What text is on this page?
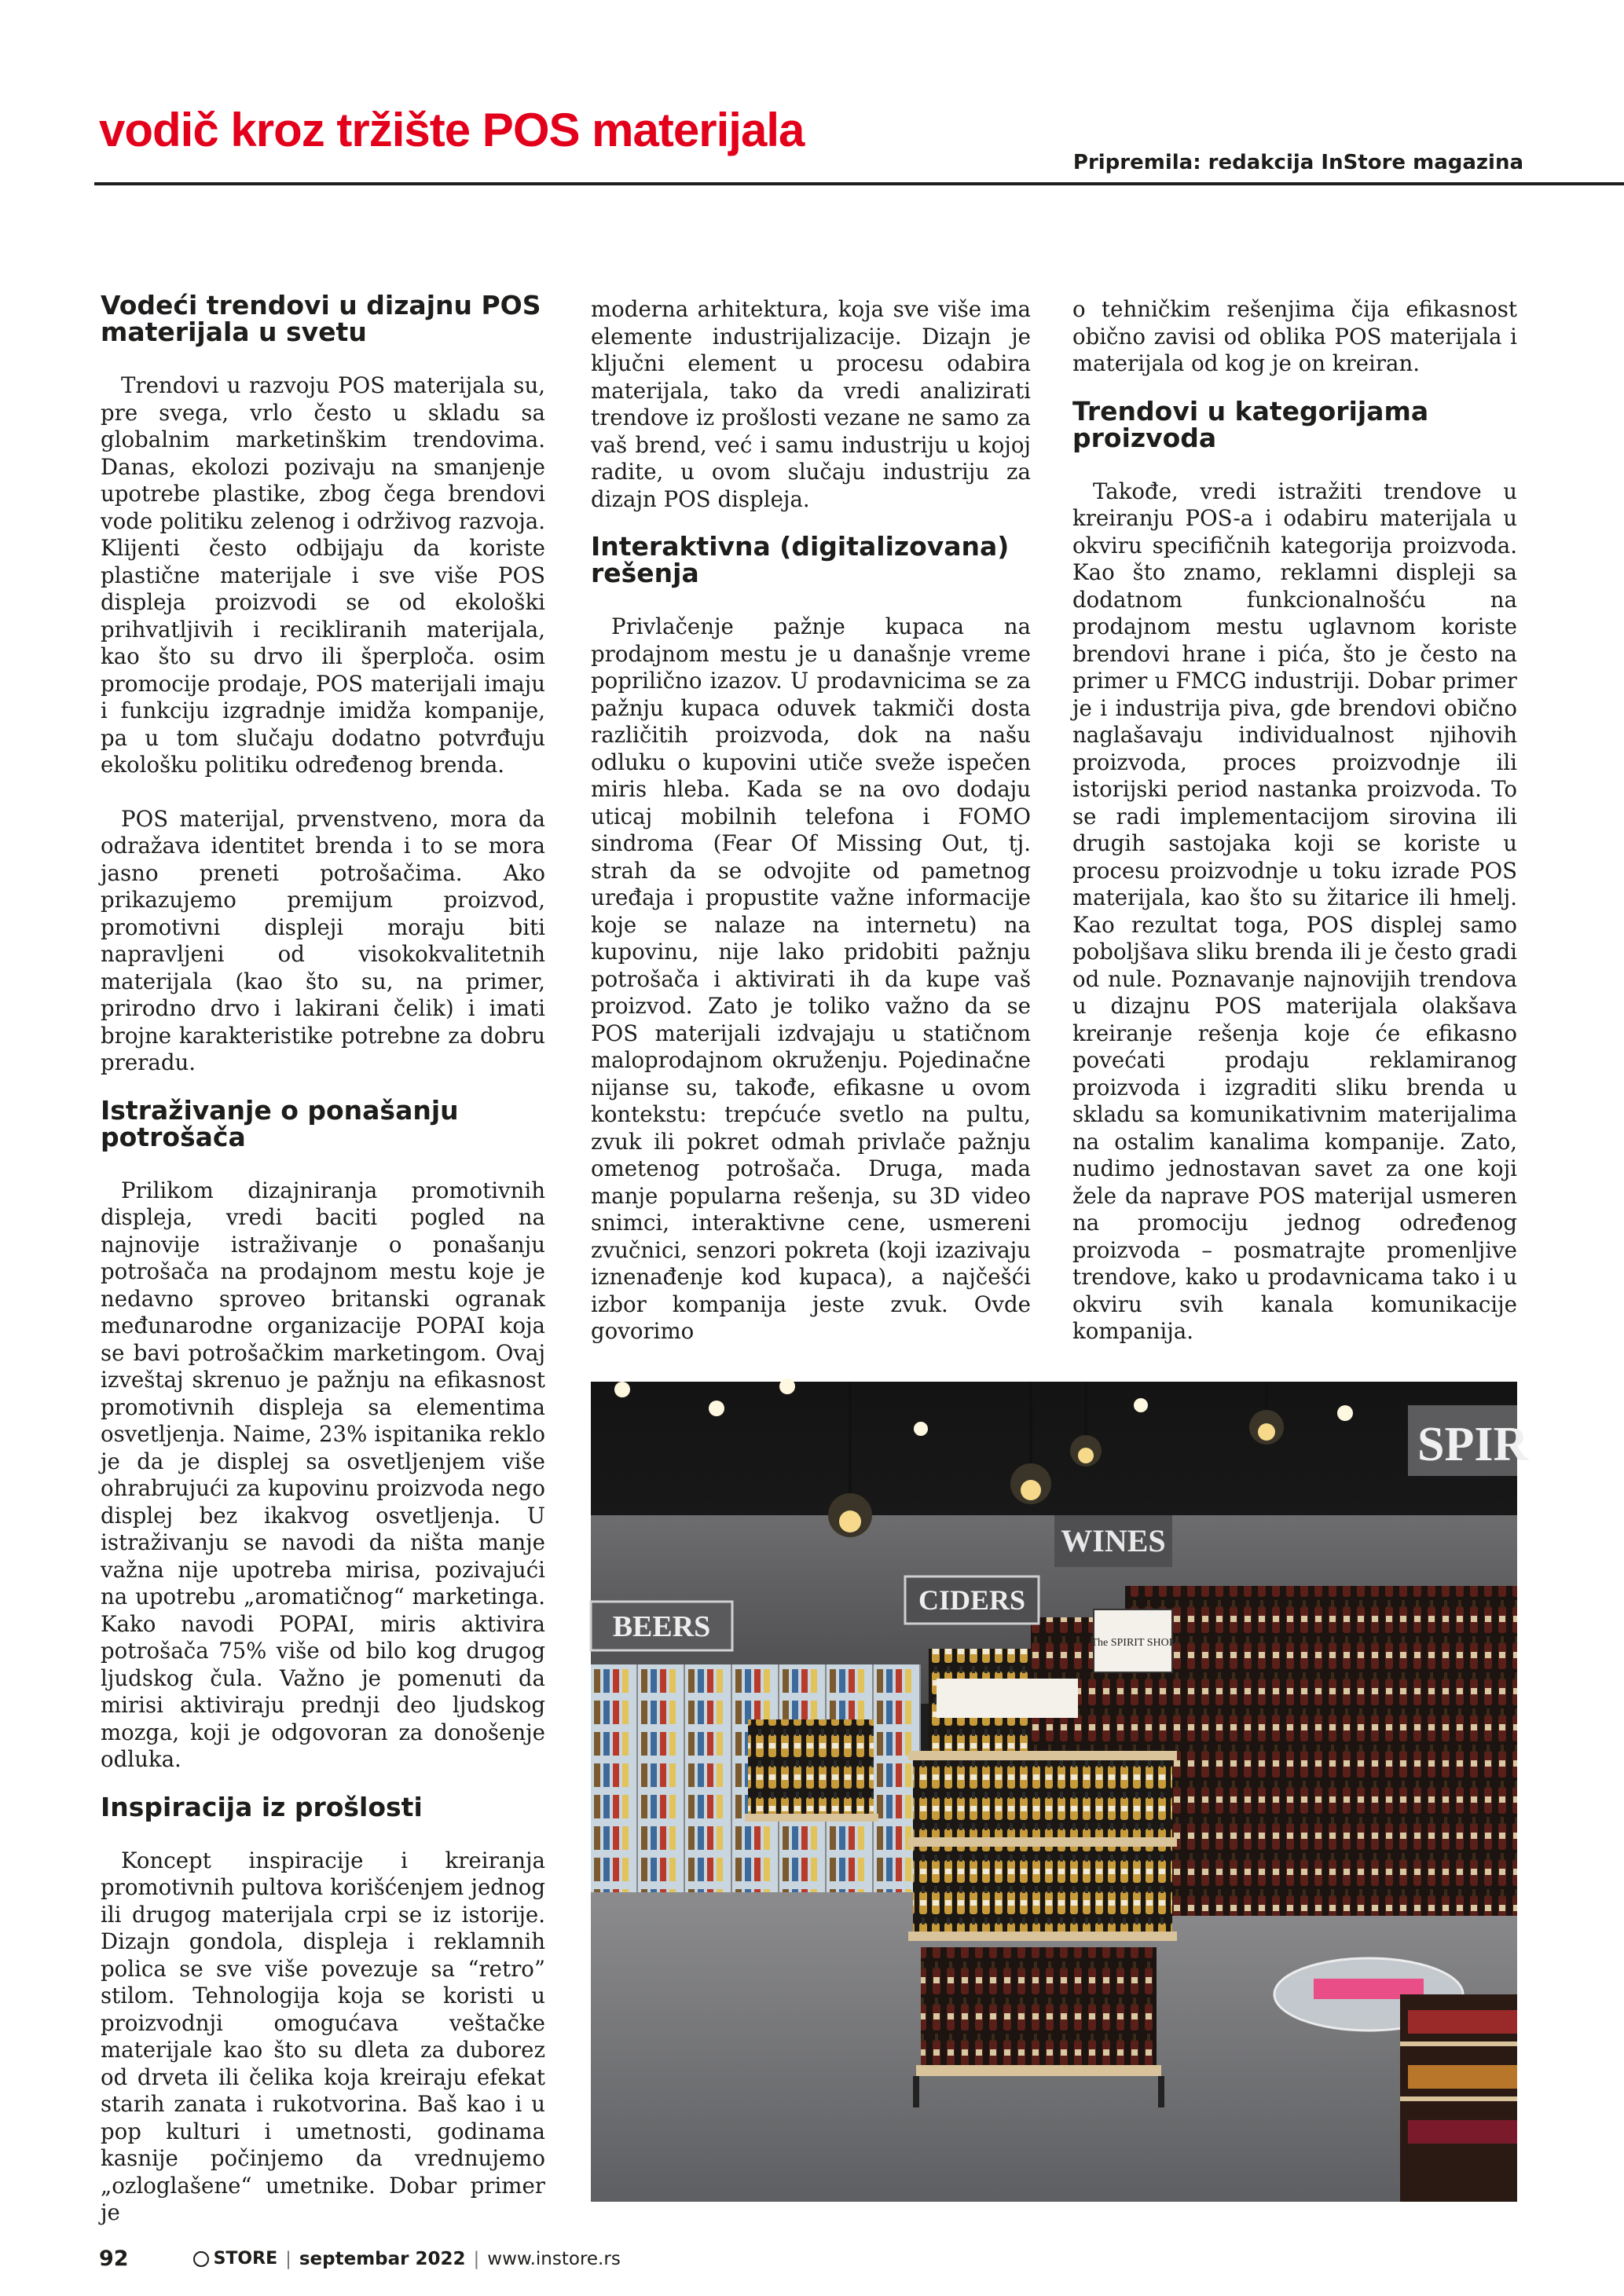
vodič kroz tržište POS materijala
Pripremila: redakcija InStore magazina
Vodeći trendovi u dizajnu POS materijala u svetu

Trendovi u razvoju POS materijala su, pre svega, vrlo često u skladu sa globalnim marketinškim trendovima. Danas, ekolozi pozivaju na smanjenje upotrebe plastike, zbog čega brendovi vode politiku zelenog i održivog razvoja. Klijenti često odbijaju da koriste plastične materijale i sve više POS displeja proizvodi se od ekološki prihvatljivih i recikliranih materijala, kao što su drvo ili šperploča. osim promocije prodaje, POS materijali imaju i funkciju izgradnje imidža kompanije, pa u tom slučaju dodatno potvrđuju ekološku politiku određenog brenda.

POS materijal, prvenstveno, mora da odražava identitet brenda i to se mora jasno preneti potrošačima. Ako prikazujemo premijum proizvod, promotivni displeji moraju biti napravljeni od visokokvalitetnih materijala (kao što su, na primer, prirodno drvo i lakirani čelik) i imati brojne karakteristike potrebne za dobru preradu.

Istraživanje o ponašanju potrošača

Prilikom dizajniranja promotivnih displeja, vredi baciti pogled na najnovije istraživanje o ponašanju potrošača na prodajnom mestu koje je nedavno sproveo britanski ogranak međunarodne organizacije POPAI koja se bavi potrošačkim marketingom. Ovaj izveštaj skrenuo je pažnju na efikasnost promotivnih displeja sa elementima osvetljenja. Naime, 23% ispitanika reklo je da je displej sa osvetljenjem više ohrabrujući za kupovinu proizvoda nego displej bez ikakvog osvetljenja. U istraživanju se navodi da ništa manje važna nije upotreba mirisa, pozivajući na upotrebu „aromatičnog“ marketinga. Kako navodi POPAI, miris aktivira potrošača 75% više od bilo kog drugog ljudskog čula. Važno je pomenuti da mirisi aktiviraju prednji deo ljudskog mozga, koji je odgovoran za donošenje odluka.

Inspiracija iz prošlosti

Koncept inspiracije i kreiranja promotivnih pultova korišćenjem jednog ili drugog materijala crpi se iz istorije. Dizajn gondola, displeja i reklamnih polica se sve više povezuje sa “retro” stilom. Tehnologija koja se koristi u proizvodnji omogućava veštačke materijale kao što su dleta za duborez od drveta ili čelika koja kreiraju efekat starih zanata i rukotvorina. Baš kao i u pop kulturi i umetnosti, godinama kasnije počinjemo da vrednujemo „ozloglašene“ umetnike. Dobar primer je

moderna arhitektura, koja sve više ima elemente industrijalizacije. Dizajn je ključni element u procesu odabira materijala, tako da vredi analizirati trendove iz prošlosti vezane ne samo za vaš brend, već i samu industriju u kojoj radite, u ovom slučaju industriju za dizajn POS displeja.

Interaktivna (digitalizovana) rešenja

Privlačenje pažnje kupaca na prodajnom mestu je u današnje vreme poprilično izazov. U prodavnicima se za pažnju kupaca oduvek takmiči dosta različitih proizvoda, dok na našu odluku o kupovini utiče sveže ispečen miris hleba. Kada se na ovo dodaju uticaj mobilnih telefona i FOMO sindroma (Fear Of Missing Out, tj. strah da se odvojite od pametnog uređaja i propustite važne informacije koje se nalaze na internetu) na kupovinu, nije lako pridobiti pažnju potrošača i aktivirati ih da kupe vaš proizvod. Zato je toliko važno da se POS materijali izdvajaju u statičnom maloprodajnom okruženju. Pojedinačne nijanse su, takođe, efikasne u ovom kontekstu: trepćuće svetlo na pultu, zvuk ili pokret odmah privlače pažnju ometenog potrošača. Druga, mada manje popularna rešenja, su 3D video snimci, interaktivne cene, usmereni zvučnici, senzori pokreta (koji izazivaju iznenađenje kod kupaca), a najčešći izbor kompanija jeste zvuk. Ovde govorimo

o tehničkim rešenjima čija efikasnost obično zavisi od oblika POS materijala i materijala od kog je on kreiran.

Trendovi u kategorijama proizvoda

Takođe, vredi istražiti trendove u kreiranju POS-a i odabiru materijala u okviru specifičnih kategorija proizvoda. Kao što znamo, reklamni displeji sa dodatnom funkcionalnošću na prodajnom mestu uglavnom koriste brendovi hrane i pića, što je često na primer u FMCG industriji. Dobar primer je i industrija piva, gde brendovi obično naglašavaju individualnost njihovih proizvoda, proces proizvodnje ili istorijski period nastanka proizvoda. To se radi implementacijom sirovina ili drugih sastojaka koji se koriste u procesu proizvodnje u toku izrade POS materijala, kao što su žitarice ili hmelj. Kao rezultat toga, POS displej samo poboljšava sliku brenda ili je često gradi od nule. Poznavanje najnovijih trendova u dizajnu POS materijala olakšava kreiranje rešenja koje će efikasno povećati prodaju reklamiranog proizvoda i izgraditi sliku brenda u skladu sa komunikativnim materijalima na ostalim kanalima kompanije. Zato, nudimo jednostavan savet za one koji žele da naprave POS materijal usmeren na promociju jednog određenog proizvoda – posmatrajte promenljive trendove, kako u prodavnicama tako i u okviru svih kanala komunikacije kompanija.

BEERS
CIDERS
WINES
SPIR
The SPIRIT SHOP
92	STORE | septembar 2022 | www.instore.rs
